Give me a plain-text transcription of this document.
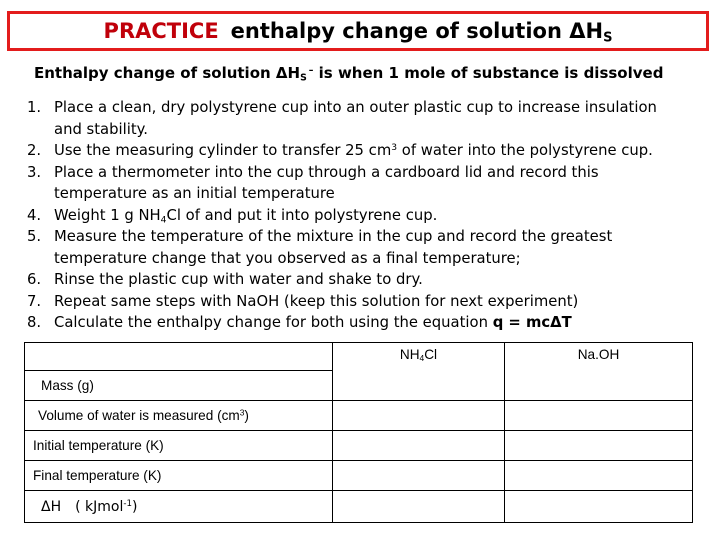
PRACTICE enthalpy change of solution $\Delta H_S$
Enthalpy change of solution $\Delta H_S^-$ is when 1 mole of substance is dissolved
1. Place a clean, dry polystyrene cup into an outer plastic cup to increase insulation
and stability.
2. Use the measuring cylinder to transfer 25 $cm^3$ of water into the polystyrene cup.
3. Place a thermometer into the cup through a cardboard lid and record this
temperature as an initial temperature
4. Weight 1 g $NH_4Cl$ of and put it into polystyrene cup.
5. Measure the temperature of the mixture in the cup and record the greatest
temperature change that you observed as a final temperature;
6. Rinse the plastic cup with water and shake to dry.
7. Repeat same steps with NaOH (keep this solution for next experiment)
8. Calculate the enthalpy change for both using the equation q = mcΔT
	$NH_4Cl$	Na.OH
Mass (g)		
Volume of water is measured $(cm^3)$		
Initial temperature (K)		
Final temperature (K)		
ΔH ( kJmol$^{-1}$)		
